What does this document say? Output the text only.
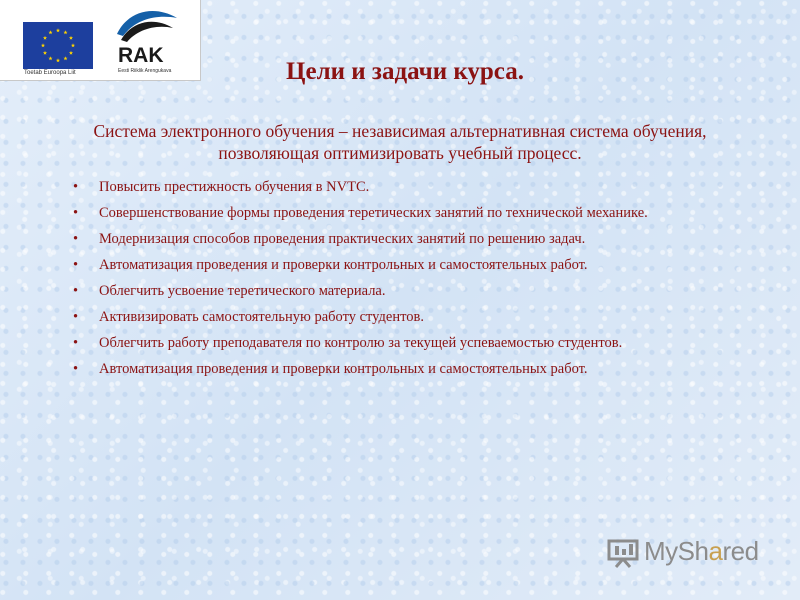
Toetab Euroopa Liit
RAK
Eesti Riiklik Arengukava	Цели и задачи курса.
Система электронного обучения – независимая альтернативная система обучения, позволяющая оптимизировать учебный процесс.
• Повысить престижность обучения в NVTC.
• Совершенствование формы проведения теретических занятий по технической механике.
• Модернизация способов проведения практических занятий по решению задач.
• Автоматизация проведения и проверки контрольных и самостоятельных работ.
• Облегчить усвоение теретического материала.
• Активизировать самостоятельную работу студентов.
• Облегчить работу преподавателя по контролю за текущей успеваемостью студентов.
• Автоматизация проведения и проверки контрольных и самостоятельных работ.
MyShared
